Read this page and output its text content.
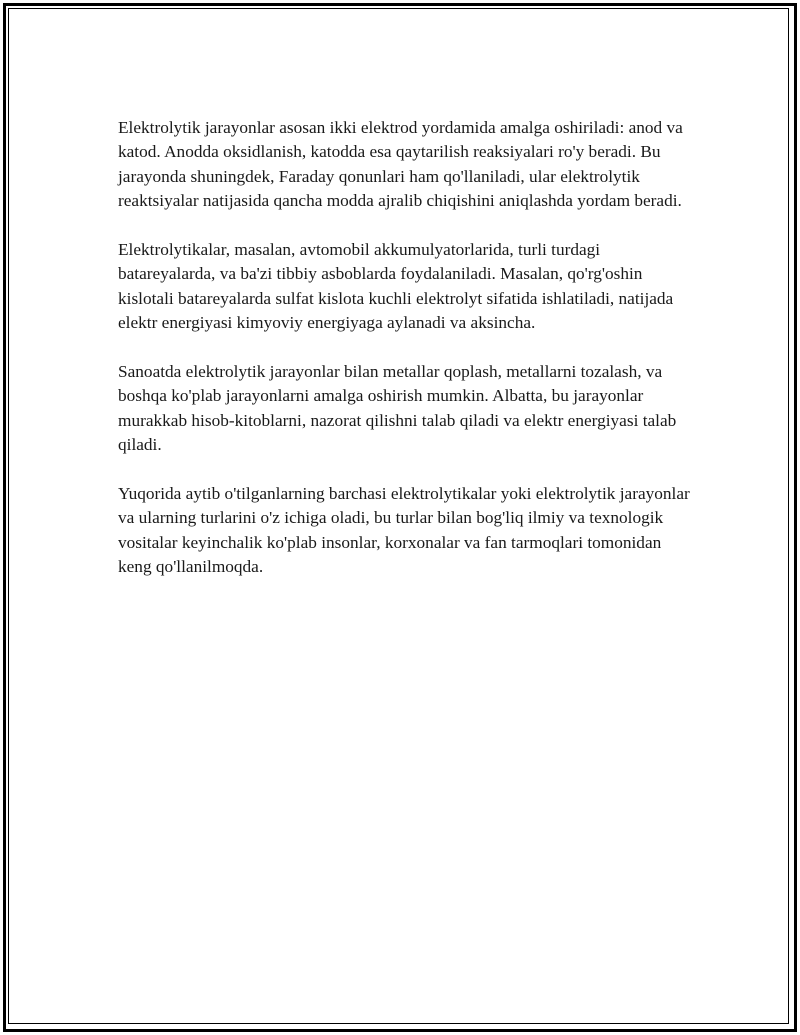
Elektrolytik jarayonlar asosan ikki elektrod yordamida amalga oshiriladi: anod va katod. Anodda oksidlanish, katodda esa qaytarilish reaksiyalari ro'y beradi. Bu jarayonda shuningdek, Faraday qonunlari ham qo'llaniladi, ular elektrolytik reaktsiyalar natijasida qancha modda ajralib chiqishini aniqlashda yordam beradi.

Elektrolytikalar, masalan, avtomobil akkumulyatorlarida, turli turdagi batareyalarda, va ba'zi tibbiy asboblarda foydalaniladi. Masalan, qo'rg'oshin kislotali batareyalarda sulfat kislota kuchli elektrolyt sifatida ishlatiladi, natijada elektr energiyasi kimyoviy energiyaga aylanadi va aksincha.

Sanoatda elektrolytik jarayonlar bilan metallar qoplash, metallarni tozalash, va boshqa ko'plab jarayonlarni amalga oshirish mumkin. Albatta, bu jarayonlar murakkab hisob-kitoblarni, nazorat qilishni talab qiladi va elektr energiyasi talab qiladi.

Yuqorida aytib o'tilganlarning barchasi elektrolytikalar yoki elektrolytik jarayonlar va ularning turlarini o'z ichiga oladi, bu turlar bilan bog'liq ilmiy va texnologik vositalar keyinchalik ko'plab insonlar, korxonalar va fan tarmoqlari tomonidan keng qo'llanilmoqda.
